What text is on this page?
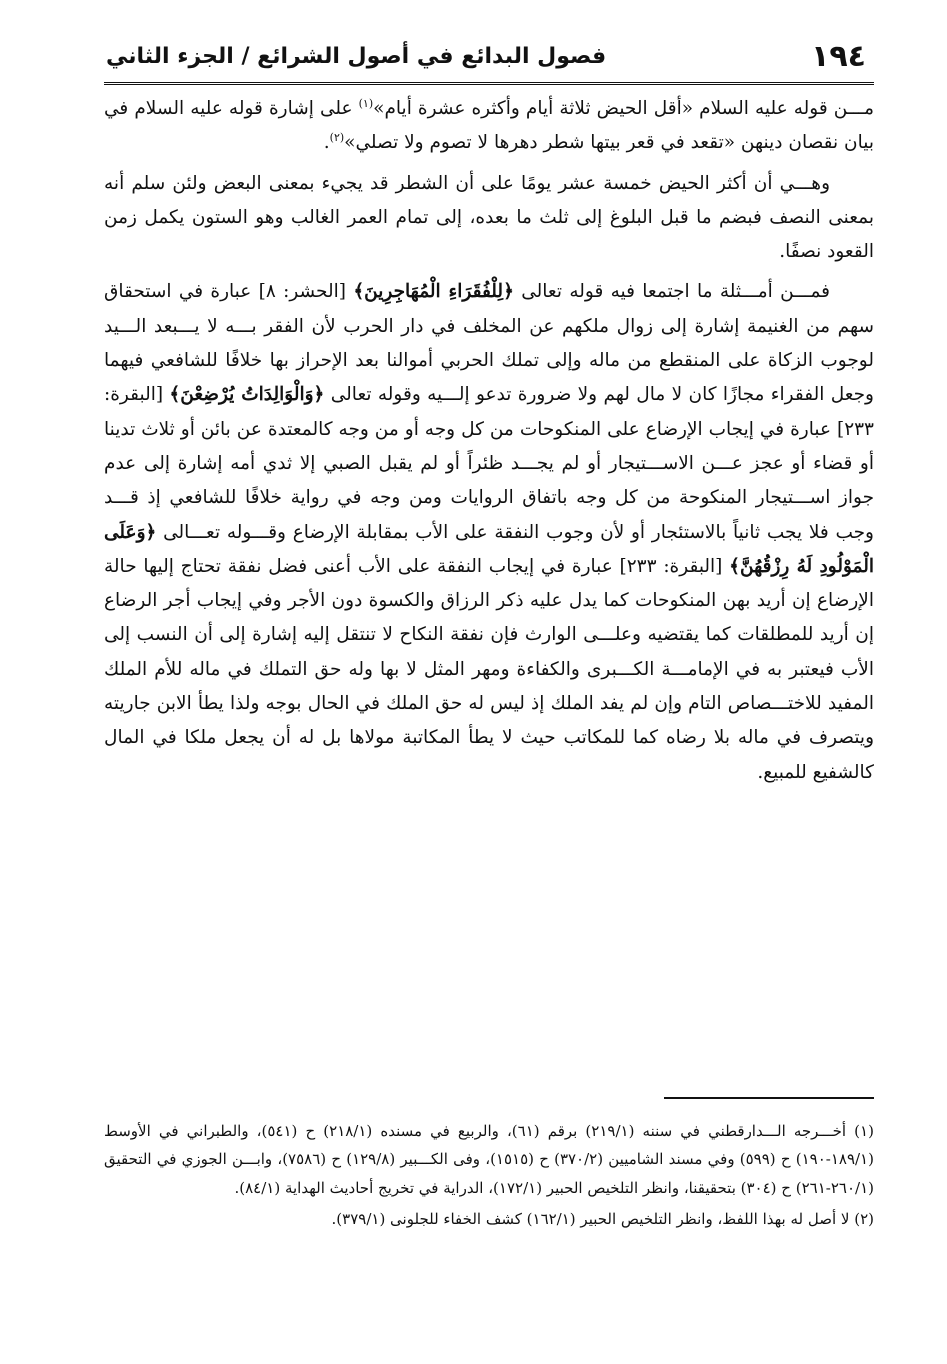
١٩٤
فصول البدائع في أصول الشرائع / الجزء الثاني

مـــن قوله عليه السلام «أقل الحيض ثلاثة أيام وأكثره عشرة أيام»$^{(١)}$ على إشارة قوله عليه السلام في بيان نقصان دينهن «تقعد في قعر بيتها شطر دهرها لا تصوم ولا تصلي»$^{(٢)}$.

وهـــي أن أكثر الحيض خمسة عشر يومًا على أن الشطر قد يجيء بمعنى البعض ولئن سلم أنه بمعنى النصف فبضم ما قبل البلوغ إلى ثلث ما بعده، إلى تمام العمر الغالب وهو الستون يكمل زمن القعود نصفًا.

فمـــن أمـــثلة ما اجتمعا فيه قوله تعالى ﴿لِلْفُقَرَاءِ الْمُهَاجِرِينَ﴾ [الحشر: ٨] عبارة في استحقاق سهم من الغنيمة إشارة إلى زوال ملكهم عن المخلف في دار الحرب لأن الفقر بـــه لا يـــبعد الـــيد لوجوب الزكاة على المنقطع من ماله وإلى تملك الحربي أموالنا بعد الإحراز بها خلافًا للشافعي فيهما وجعل الفقراء مجازًا كان لا مال لهم ولا ضرورة تدعو إلـــيه وقوله تعالى ﴿وَالْوَالِدَاتُ يُرْضِعْنَ﴾ [البقرة: ٢٣٣] عبارة في إيجاب الإرضاع على المنكوحات من كل وجه أو من وجه كالمعتدة عن بائن أو ثلاث تدينا أو قضاء أو عجز عـــن الاســـتيجار أو لم يجـــد ظئراً أو لم يقبل الصبي إلا ثدي أمه إشارة إلى عدم جواز اســـتيجار المنكوحة من كل وجه باتفاق الروايات ومن وجه في رواية خلافًا للشافعي إذ قـــد وجب فلا يجب ثانياً بالاستئجار أو لأن وجوب النفقة على الأب بمقابلة الإرضاع وقـــوله تعـــالى ﴿وَعَلَى الْمَوْلُودِ لَهُ رِزْقُهُنَّ﴾ [البقرة: ٢٣٣] عبارة في إيجاب النفقة على الأب أعنى فضل نفقة تحتاج إليها حالة الإرضاع إن أريد بهن المنكوحات كما يدل عليه ذكر الرزاق والكسوة دون الأجر وفي إيجاب أجر الرضاع إن أريد للمطلقات كما يقتضيه وعلـــى الوارث فإن نفقة النكاح لا تنتقل إليه إشارة إلى أن النسب إلى الأب فيعتبر به في الإمامـــة الكـــبرى والكفاءة ومهر المثل لا بها وله حق التملك في ماله للأم الملك المفيد للاختـــصاص التام وإن لم يفد الملك إذ ليس له حق الملك في الحال بوجه ولذا يطأ الابن جاريته ويتصرف في ماله بلا رضاه كما للمكاتب حيث لا يطأ المكاتبة مولاها بل له أن يجعل ملكا في المال كالشفيع للمبيع.

(١) أخـــرجه الـــدارقطني في سننه (٢١٩/١) برقم (٦١)، والربيع في مسنده (٢١٨/١) ح (٥٤١)، والطبراني في الأوسط (١٨٩/١-١٩٠) ح (٥٩٩) وفي مسند الشاميين (٣٧٠/٢) ح (١٥١٥)، وفى الكـــبير (١٢٩/٨) ح (٧٥٨٦)، وابـــن الجوزي في التحقيق (٢٦٠/١-٢٦١) ح (٣٠٤) بتحقيقنا، وانظر التلخيص الحبير (١٧٢/١)، الدراية في تخريج أحاديث الهداية (٨٤/١).

(٢) لا أصل له بهذا اللفظ، وانظر التلخيص الحبير (١٦٢/١) كشف الخفاء للجلونى (٣٧٩/١).
